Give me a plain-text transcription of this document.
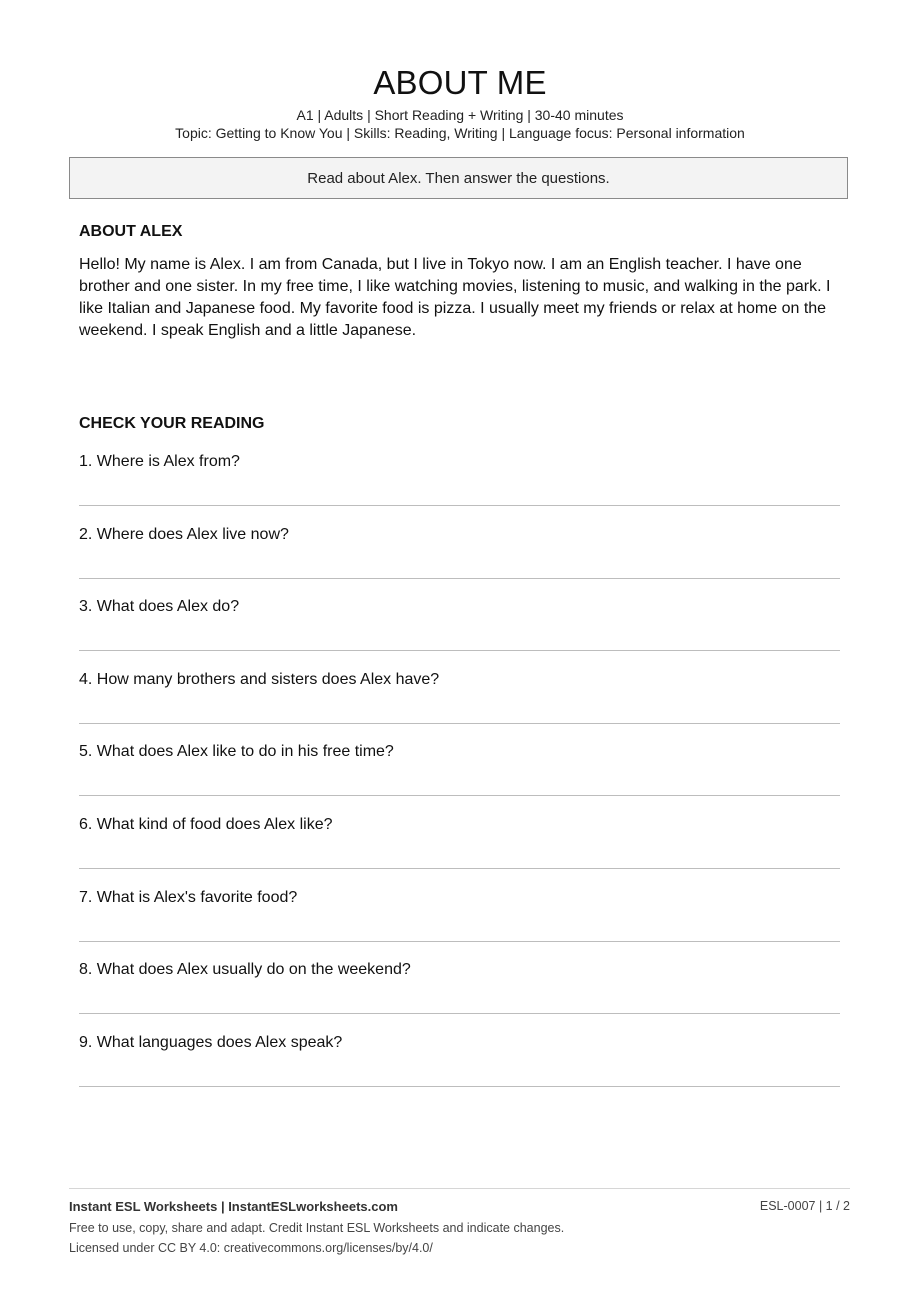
ABOUT ME
A1 | Adults | Short Reading + Writing | 30-40 minutes
Topic: Getting to Know You | Skills: Reading, Writing | Language focus: Personal information
Read about Alex. Then answer the questions.
ABOUT ALEX
Hello! My name is Alex. I am from Canada, but I live in Tokyo now. I am an English teacher. I have one brother and one sister. In my free time, I like watching movies, listening to music, and walking in the park. I like Italian and Japanese food. My favorite food is pizza. I usually meet my friends or relax at home on the weekend. I speak English and a little Japanese.
CHECK YOUR READING
1. Where is Alex from?
2. Where does Alex live now?
3. What does Alex do?
4. How many brothers and sisters does Alex have?
5. What does Alex like to do in his free time?
6. What kind of food does Alex like?
7. What is Alex's favorite food?
8. What does Alex usually do on the weekend?
9. What languages does Alex speak?
Instant ESL Worksheets | InstantESLworksheets.com	ESL-0007 | 1 / 2
Free to use, copy, share and adapt. Credit Instant ESL Worksheets and indicate changes.
Licensed under CC BY 4.0: creativecommons.org/licenses/by/4.0/
